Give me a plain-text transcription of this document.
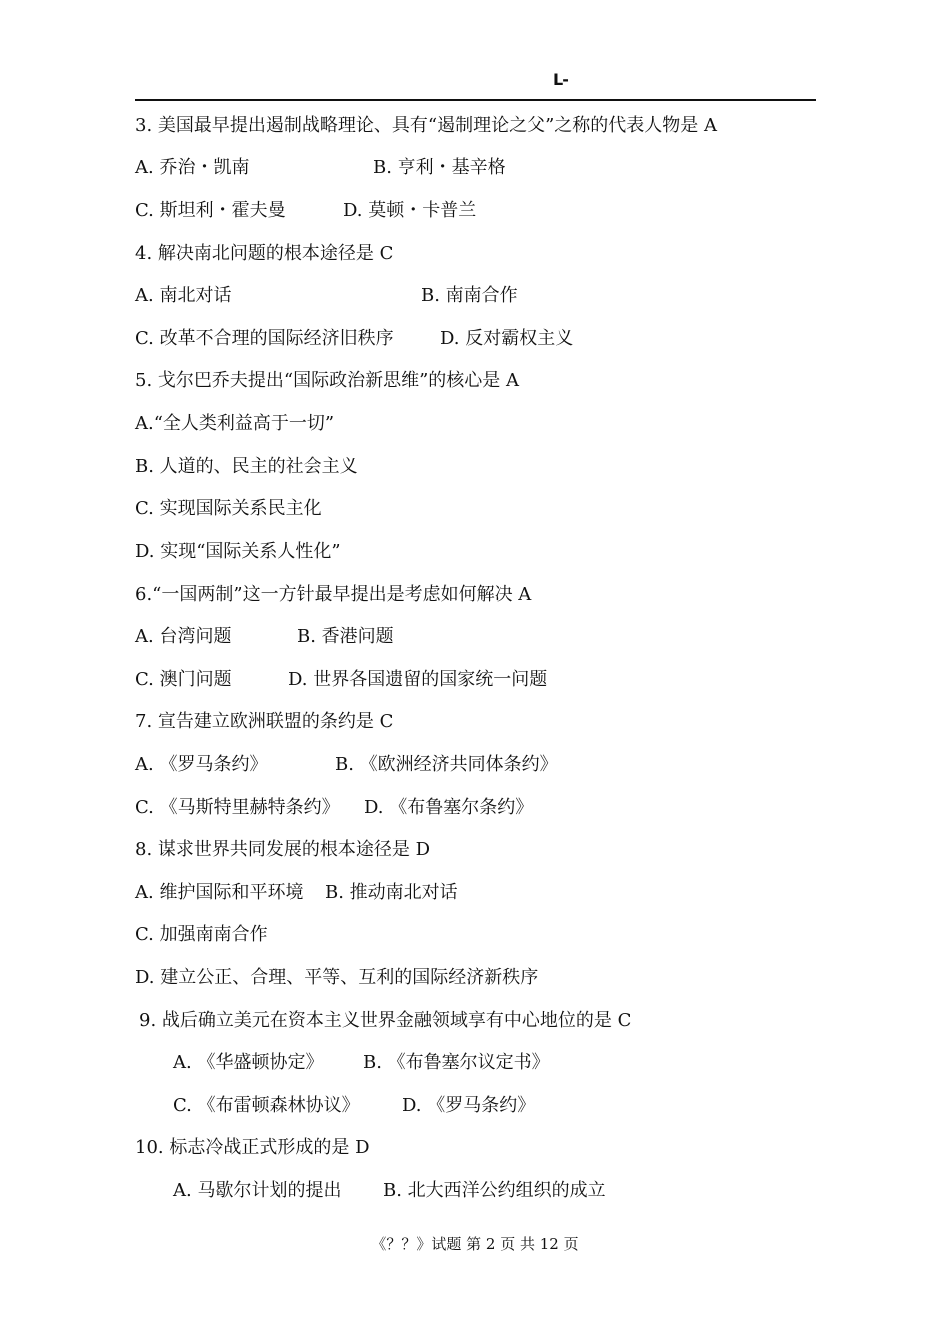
L-
3. 美国最早提出遏制战略理论、具有“遏制理论之父”之称的代表人物是 A
A. 乔治・凯南	B. 亨利・基辛格
C. 斯坦利・霍夫曼	D. 莫顿・卡普兰
4. 解决南北问题的根本途径是 C
A. 南北对话	B. 南南合作
C. 改革不合理的国际经济旧秩序	D. 反对霸权主义
5. 戈尔巴乔夫提出“国际政治新思维”的核心是 A
A.“全人类利益高于一切”
B. 人道的、民主的社会主义
C. 实现国际关系民主化
D. 实现“国际关系人性化”
6.“一国两制”这一方针最早提出是考虑如何解决 A
A. 台湾问题	B. 香港问题
C. 澳门问题	D. 世界各国遗留的国家统一问题
7. 宣告建立欧洲联盟的条约是 C
A. 《罗马条约》	B. 《欧洲经济共同体条约》
C. 《马斯特里赫特条约》 D. 《布鲁塞尔条约》
8. 谋求世界共同发展的根本途径是 D
A. 维护国际和平环境 B. 推动南北对话
C. 加强南南合作
D. 建立公正、合理、平等、互利的国际经济新秩序
9. 战后确立美元在资本主义世界金融领域享有中心地位的是 C
A. 《华盛顿协定》 B. 《布鲁塞尔议定书》
C. 《布雷顿森林协议》 D. 《罗马条约》
10. 标志冷战正式形成的是 D
A. 马歇尔计划的提出 B. 北大西洋公约组织的成立
《？？》试题 第 2 页 共 12 页
